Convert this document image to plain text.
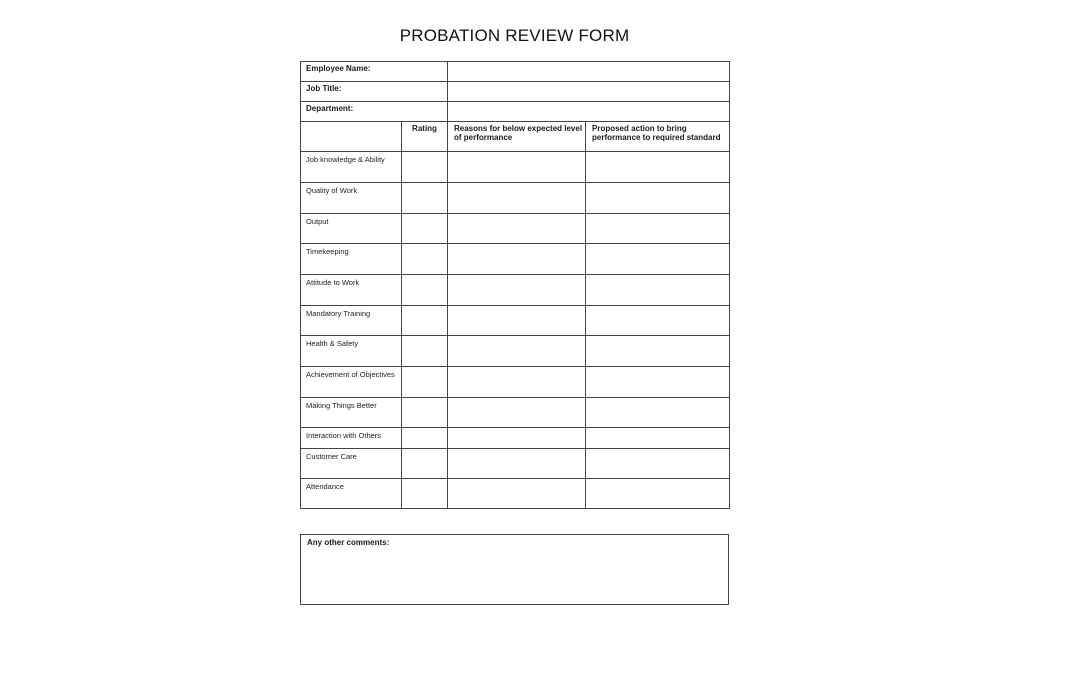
PROBATION REVIEW FORM
Employee Name:			
Job Title:			
Department:			
	Rating	Reasons for below expected level of performance	Proposed action to bring performance to required standard
Job knowledge & Ability			
Quality of Work			
Output			
Timekeeping			
Attitude to Work			
Mandatory Training			
Health & Safety			
Achievement of Objectives			
Making Things Better			
Interaction with Others			
Customer Care			
Attendance			
Any other comments:
